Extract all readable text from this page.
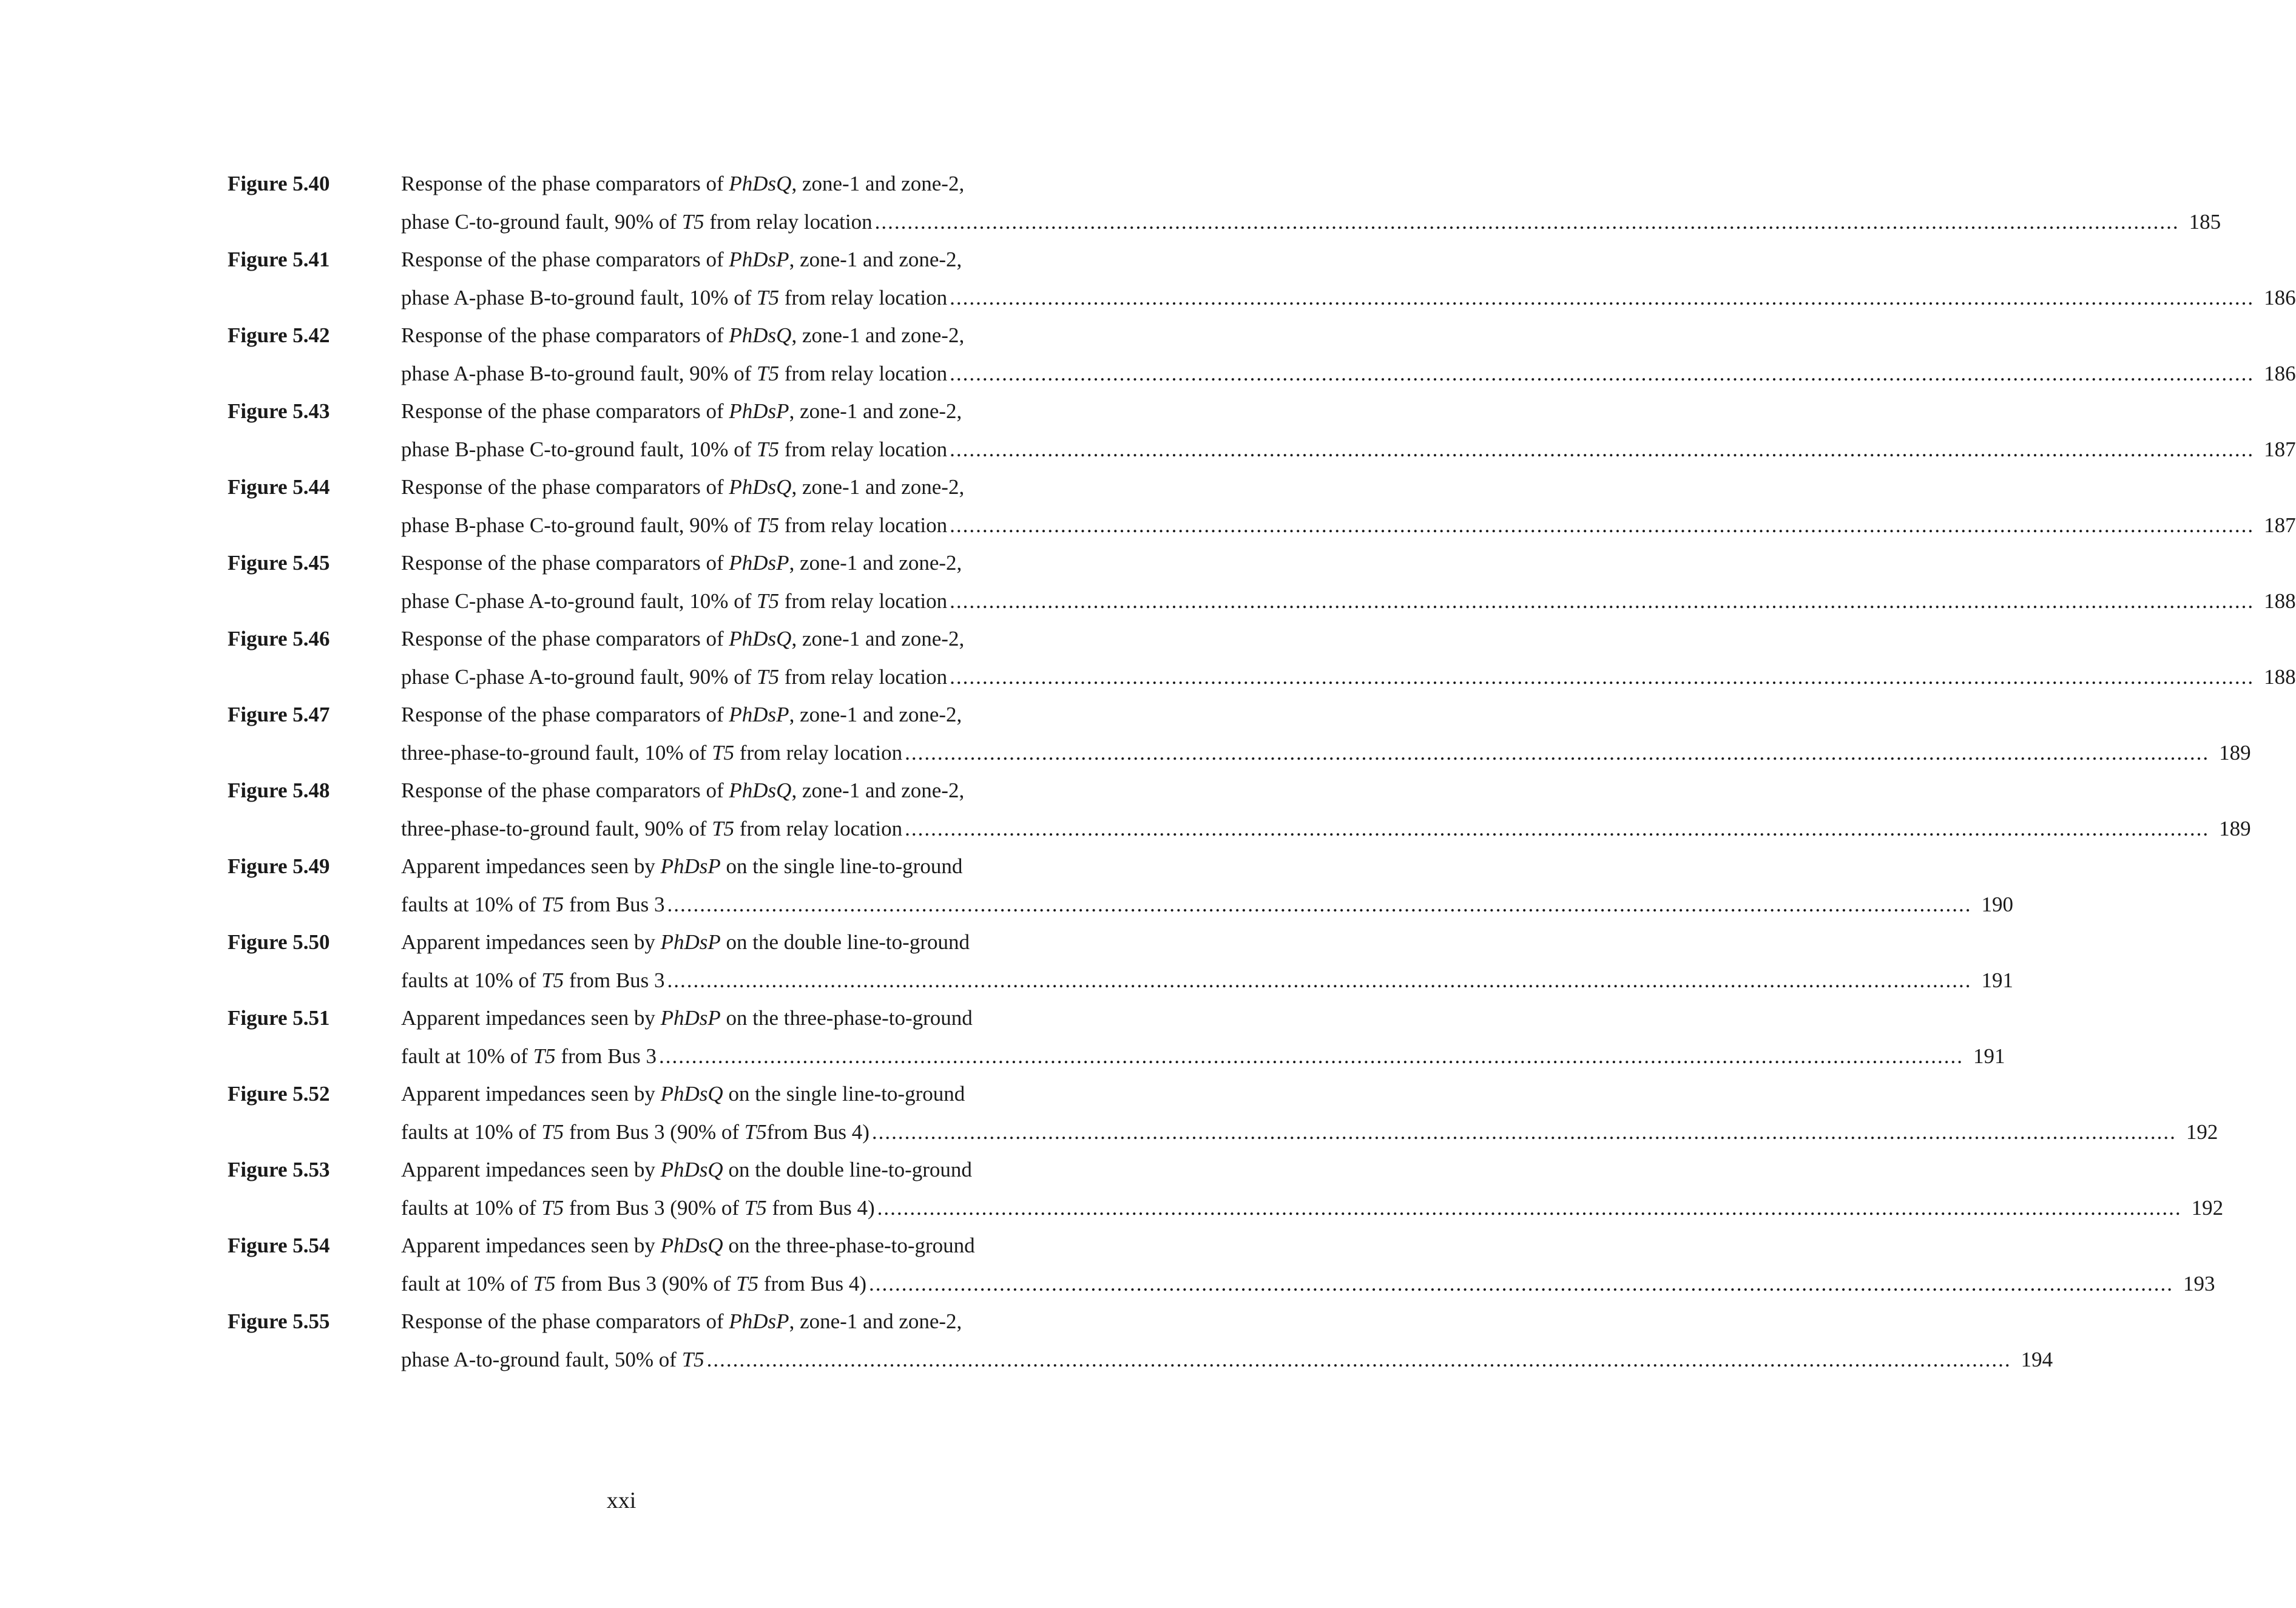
Figure 5.40	Response of the phase comparators of PhDsQ, zone-1 and zone-2,
phase C-to-ground fault, 90% of T5 from relay location ........................................................................................................................................................................................................ 185
Figure 5.41	Response of the phase comparators of PhDsP, zone-1 and zone-2,
phase A-phase B-to-ground fault, 10% of T5 from relay location ........................................................................................................................................................................................................ 186
Figure 5.42	Response of the phase comparators of PhDsQ, zone-1 and zone-2,
phase A-phase B-to-ground fault, 90% of T5 from relay location ........................................................................................................................................................................................................ 186
Figure 5.43	Response of the phase comparators of PhDsP, zone-1 and zone-2,
phase B-phase C-to-ground fault, 10% of T5 from relay location ........................................................................................................................................................................................................ 187
Figure 5.44	Response of the phase comparators of PhDsQ, zone-1 and zone-2,
phase B-phase C-to-ground fault, 90% of T5 from relay location ........................................................................................................................................................................................................ 187
Figure 5.45	Response of the phase comparators of PhDsP, zone-1 and zone-2,
phase C-phase A-to-ground fault, 10% of T5 from relay location ........................................................................................................................................................................................................ 188
Figure 5.46	Response of the phase comparators of PhDsQ, zone-1 and zone-2,
phase C-phase A-to-ground fault, 90% of T5 from relay location ........................................................................................................................................................................................................ 188
Figure 5.47	Response of the phase comparators of PhDsP, zone-1 and zone-2,
three-phase-to-ground fault, 10% of T5 from relay location ........................................................................................................................................................................................................ 189
Figure 5.48	Response of the phase comparators of PhDsQ, zone-1 and zone-2,
three-phase-to-ground fault, 90% of T5 from relay location ........................................................................................................................................................................................................ 189
Figure 5.49	Apparent impedances seen by PhDsP on the single line-to-ground
faults at 10% of T5 from Bus 3 ........................................................................................................................................................................................................ 190
Figure 5.50	Apparent impedances seen by PhDsP on the double line-to-ground
faults at 10% of T5 from Bus 3 ........................................................................................................................................................................................................ 191
Figure 5.51	Apparent impedances seen by PhDsP on the three-phase-to-ground
fault at 10% of T5 from Bus 3 ........................................................................................................................................................................................................ 191
Figure 5.52	Apparent impedances seen by PhDsQ on the single line-to-ground
faults at 10% of T5 from Bus 3 (90% of T5from Bus 4) ........................................................................................................................................................................................................ 192
Figure 5.53	Apparent impedances seen by PhDsQ on the double line-to-ground
faults at 10% of T5 from Bus 3 (90% of T5 from Bus 4) ........................................................................................................................................................................................................ 192
Figure 5.54	Apparent impedances seen by PhDsQ on the three-phase-to-ground
fault at 10% of T5 from Bus 3 (90% of T5 from Bus 4) ........................................................................................................................................................................................................ 193
Figure 5.55	Response of the phase comparators of PhDsP, zone-1 and zone-2,
phase A-to-ground fault, 50% of T5 ........................................................................................................................................................................................................ 194
xxi
